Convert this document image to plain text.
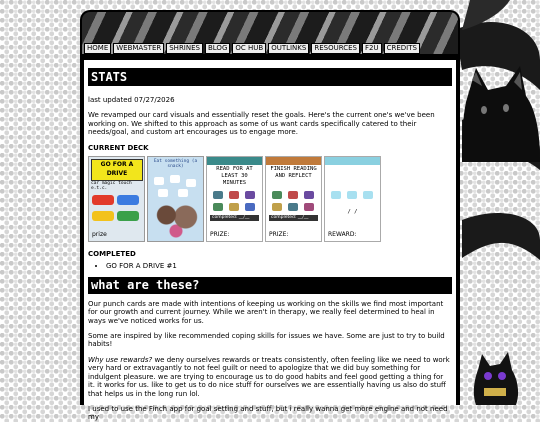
HOME	WEBMASTER	SHRINES	BLOG	OC HUB	OUTLINKS	RESOURCES	F2U	CREDITS
STATS

last updated 07/27/2026

We revamped our card visuals and essentially reset the goals. Here's the current one's we've been working on. We shifted to this approach as some of us want cards specifically catered to their needs/goal, and custom art encourages us to engage more.

CURRENT DECK
GO FOR A DRIVE
car magic touch e.t.c.
prize
Eat something (a snack)	READ FOR AT LEAST 30 MINUTES
completed: __/__
PRIZE:
FINISH READING AND REFLECT
completed: __/__
PRIZE:
/ /
REWARD:
COMPLETED
• GO FOR A DRIVE #1
what are these?

Our punch cards are made with intentions of keeping us working on the skills we find most important for our growth and current journey. While we aren't in therapy, we really feel determined to heal in ways we've noticed works for us.

Some are inspired by like recommended coping skills for issues we have. Some are just to try to build habits!

Why use rewards? we deny ourselves rewards or treats consistently, often feeling like we need to work very hard or extravagantly to not feel guilt or need to apologize that we did buy something for indulgent pleasure. we are trying to encourage us to do good habits and feel good getting a thing for it. it works for us. like to get us to do nice stuff for ourselves we are essentially having us also do stuff that helps us in the long run lol.

I used to use the Finch app for goal setting and stuff, but i really wanna get more engine and not need my
